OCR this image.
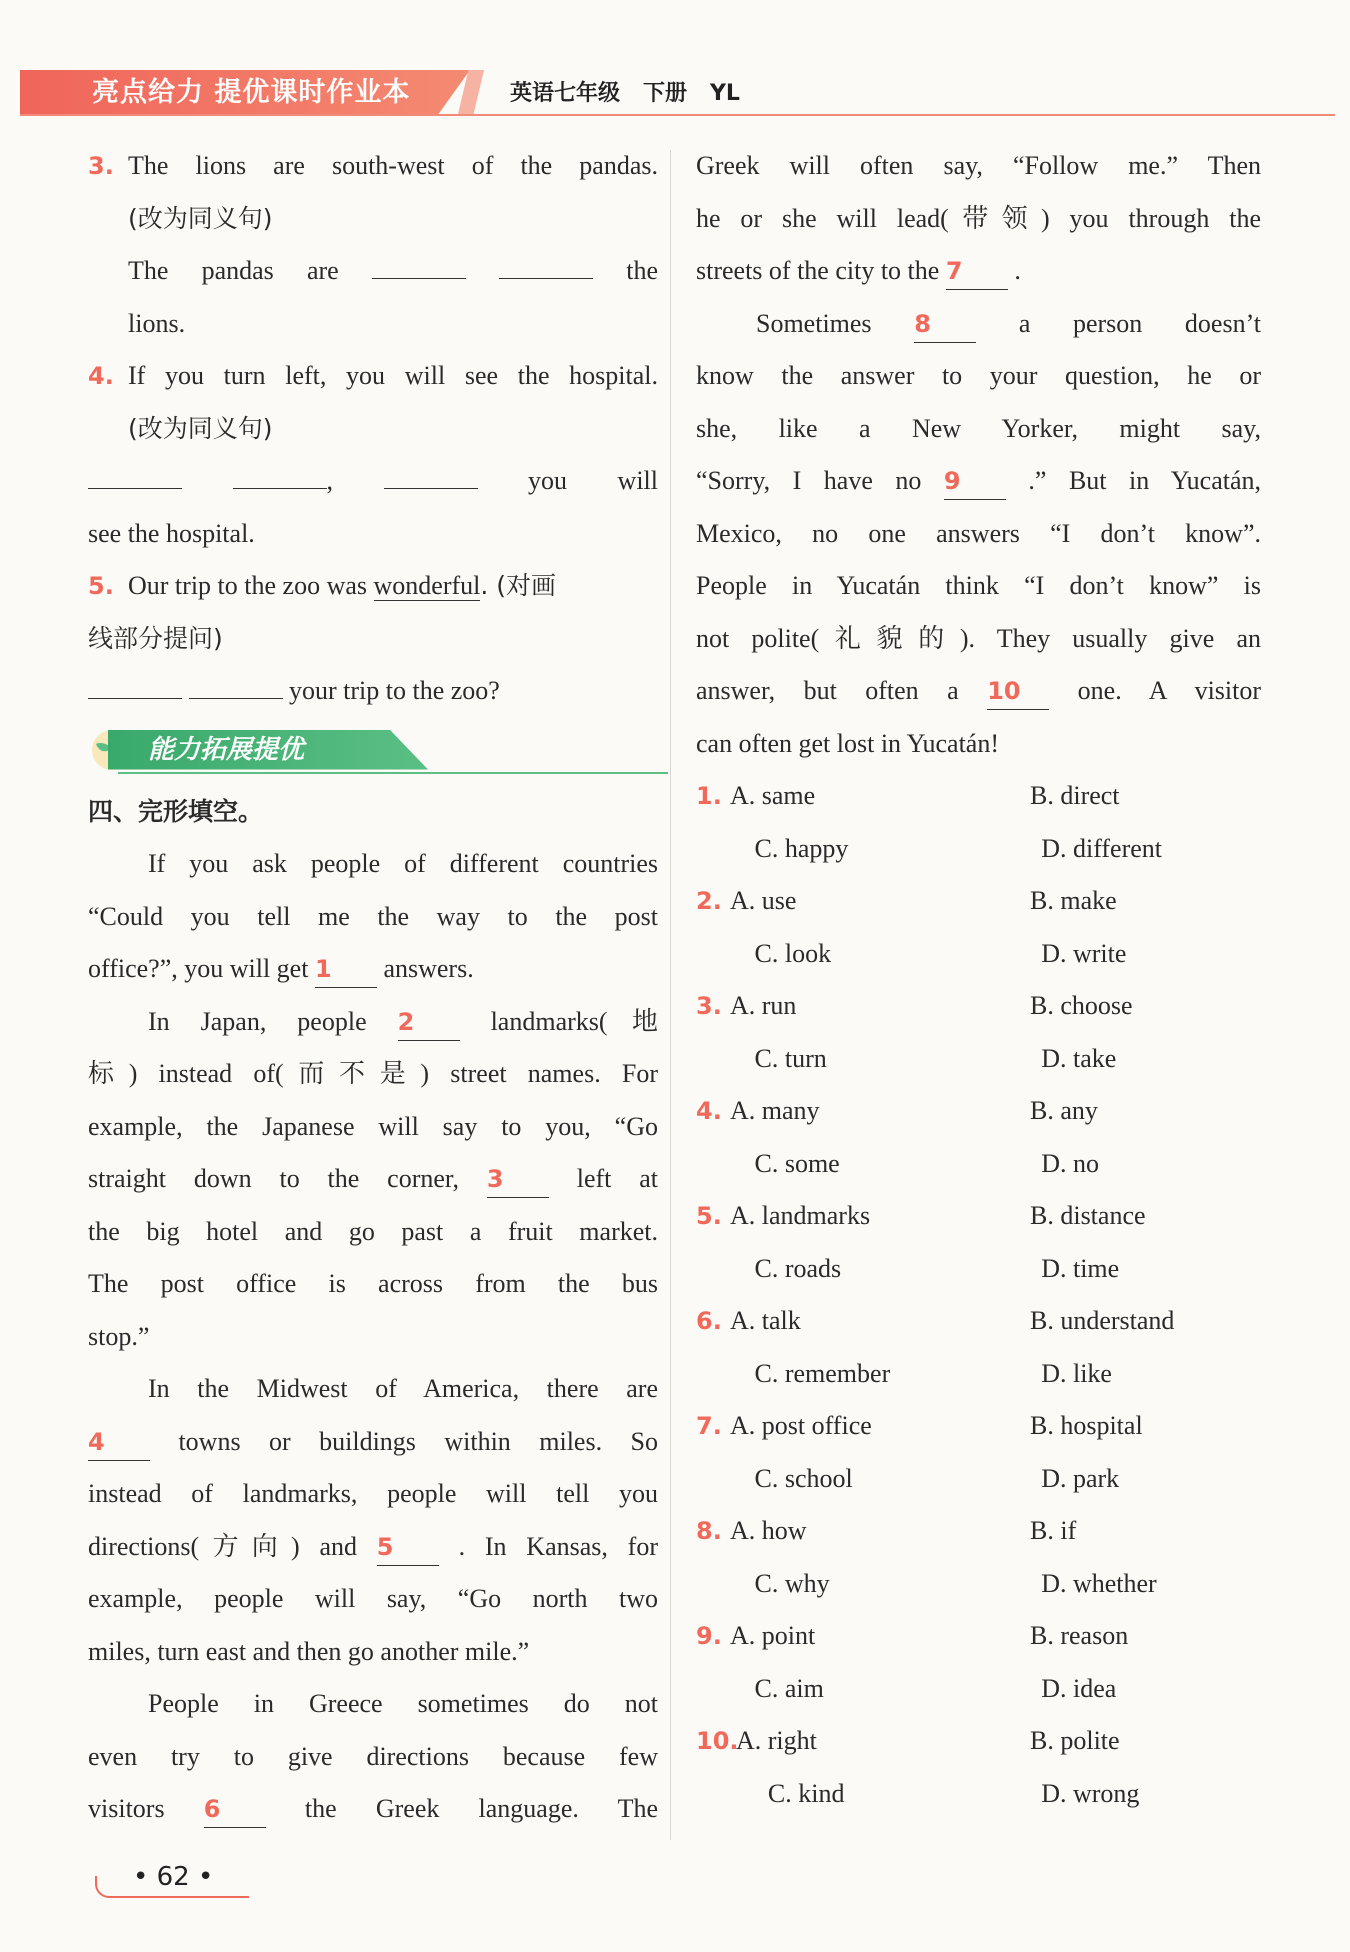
亮点给力 提优课时作业本	英语七年级   下册   YL
3. The lions are south-west of the pandas.
(改为同义句)
The pandas are	the
lions.
4. If you turn left, you will see the hospital.
(改为同义句)
,	you will
see the hospital.
5. Our trip to the zoo was wonderful. (对画
线部分提问)
your trip to the zoo?
能力拓展提优
四、完形填空。
If you ask people of different countries
“Could you tell me the way to the post
office?”, you will get 1 answers.
In Japan, people 2	landmarks(地
标) instead of(而不是) street names. For
example, the Japanese will say to you, “Go
straight down to the corner, 3	left at
the big hotel and go past a fruit market.
The post office is across from the bus
stop.”
In the Midwest of America, there are
4	towns or buildings within miles. So
instead of landmarks, people will tell you
directions(方向) and 5	. In Kansas, for
example, people will say, “Go north two
miles, turn east and then go another mile.”
People in Greece sometimes do not
even try to give directions because few
visitors 6	the Greek language. The
Greek will often say, “Follow me.” Then
he or she will lead(带领) you through the
streets of the city to the 7 .
Sometimes 8	a person doesn’t
know the answer to your question, he or
she, like a New Yorker, might say,
“Sorry, I have no 9	.” But in Yucatán,
Mexico, no one answers “I don’t know”.
People in Yucatán think “I don’t know” is
not polite(礼貌的). They usually give an
answer, but often a 10 one. A visitor
can often get lost in Yucatán!
1. A. same	B. direct
C. happy	D. different
2. A. use	B. make
C. look	D. write
3. A. run	B. choose
C. turn	D. take
4. A. many	B. any
C. some	D. no
5. A. landmarks	B. distance
C. roads	D. time
6. A. talk	B. understand
C. remember	D. like
7. A. post office	B. hospital
C. school	D. park
8. A. how	B. if
C. why	D. whether
9. A. point	B. reason
C. aim	D. idea
10.
A. right	B. polite
C. kind	D. wrong
• 62 •
